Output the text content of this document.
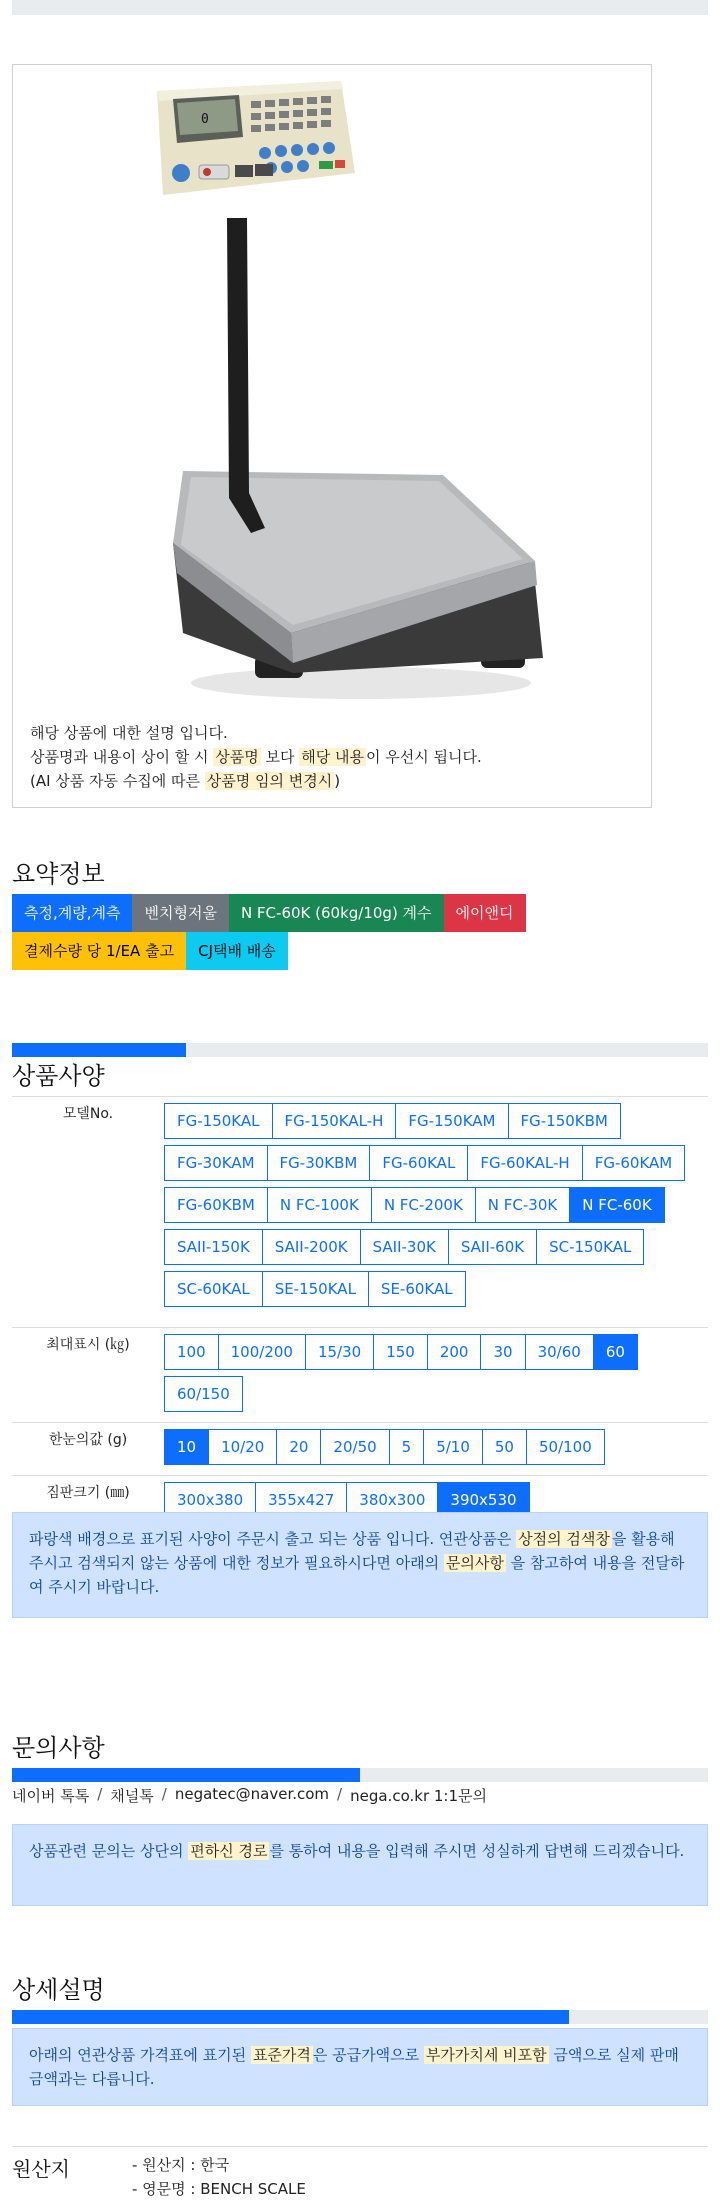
0
해당 상품에 대한 설명 입니다.
상품명과 내용이 상이 할 시 상품명 보다 해당 내용 이 우선시 됩니다.
(AI 상품 자동 수집에 따른 상품명 임의 변경시 )
요약정보
측정,계량,계측	벤치형저울	N FC-60K (60kg/10g) 계수	에이앤디
결제수량 당 1/EA 출고	CJ택배 배송
상품사양
모델No.	FG-150KAL	FG-150KAL-H	FG-150KAM	FG-150KBM
FG-30KAM	FG-30KBM	FG-60KAL	FG-60KAL-H	FG-60KAM
FG-60KBM	N FC-100K	N FC-200K	N FC-30K	N FC-60K
SAII-150K	SAII-200K	SAII-30K	SAII-60K	SC-150KAL
SC-60KAL	SE-150KAL	SE-60KAL
최대표시 (㎏)	100	100/200	15/30	150	200	30	30/60	60
60/150
한눈의값 (g)	10	10/20	20	20/50	5	5/10	50	50/100
짐판크기 (㎜)	300x380	355x427	380x300	390x530
파랑색 배경으로 표기된 사양이 주문시 출고 되는 상품 입니다. 연관상품은 상점의 검색창 을 활용해 주시고 검색되지 않는 상품에 대한 정보가 필요하시다면 아래의 문의사항 을 참고하여 내용을 전달하여 주시기 바랍니다.
문의사항
네이버 톡톡 / 채널톡 / negatec@naver.com / nega.co.kr 1:1문의
상품관련 문의는 상단의 편하신 경로 를 통하여 내용을 입력해 주시면 성실하게 답변해 드리겠습니다.
상세설명
아래의 연관상품 가격표에 표기된 표준가격 은 공급가액으로 부가가치세 비포함 금액으로 실제 판매금액과는 다릅니다.
원산지	- 원산지 : 한국
- 영문명 : BENCH SCALE
